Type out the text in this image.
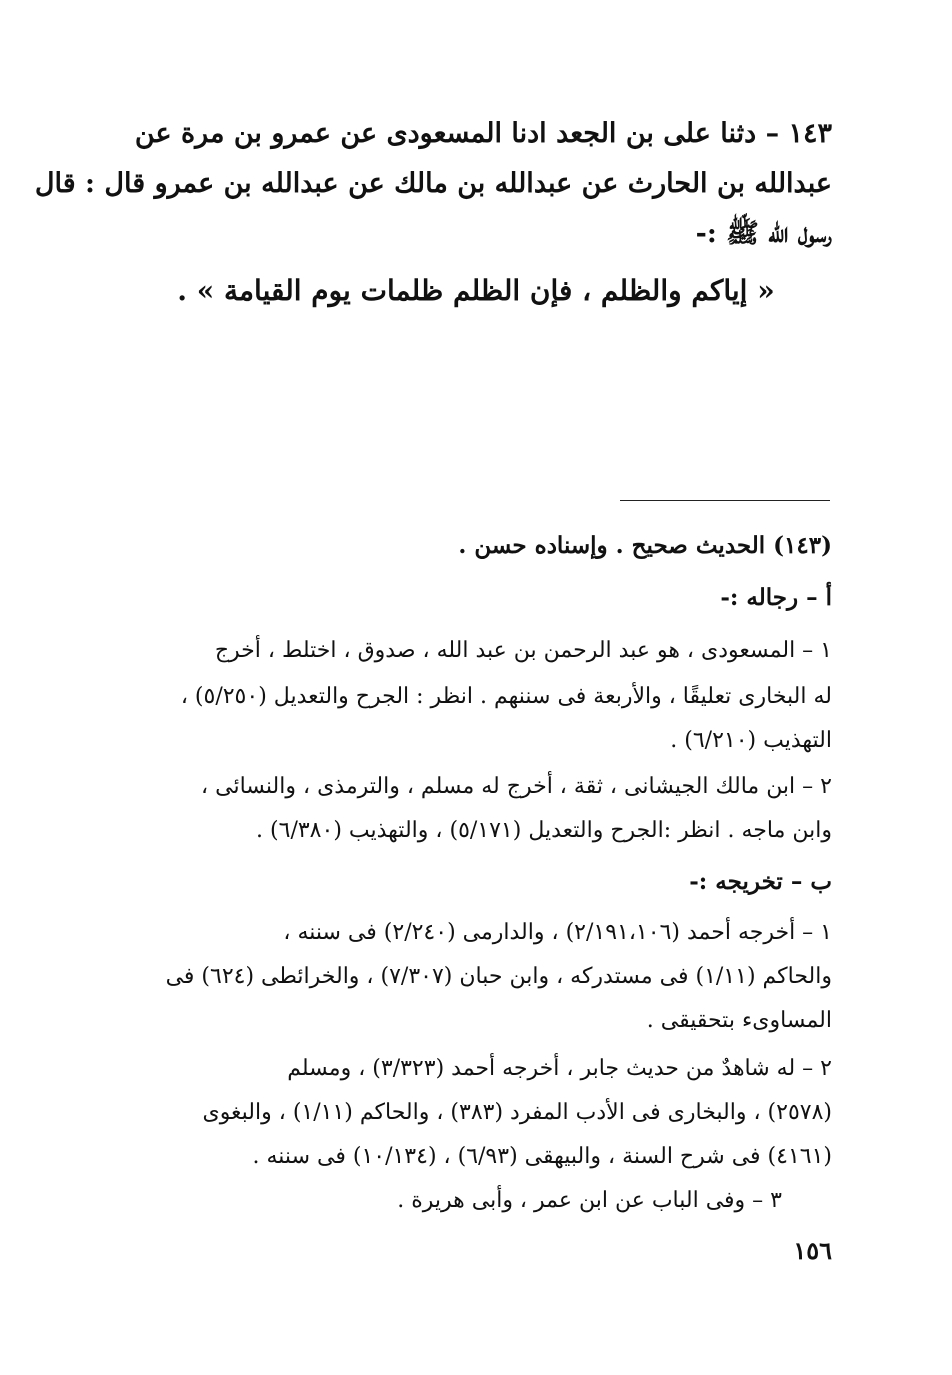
١٤٣ – دثنا على بن الجعد ادنا المسعودى عن عمرو بن مرة عن
عبدالله بن الحارث عن عبدالله بن مالك عن عبدالله بن عمرو قال : قال
رسول الله ﷺ :-
« إياكم والظلم ، فإن الظلم ظلمات يوم القيامة » .
(١٤٣) الحديث صحيح . وإسناده حسن .
أ – رجاله :-
١ – المسعودى ، هو عبد الرحمن بن عبد الله ، صدوق ، اختلط ، أخرج
له البخارى تعليقًا ، والأربعة فى سننهم . انظر : الجرح والتعديل (٥/٢٥٠) ،
التهذيب (٦/٢١٠) .
٢ – ابن مالك الجيشانى ، ثقة ، أخرج له مسلم ، والترمذى ، والنسائى ،
وابن ماجه . انظر :الجرح والتعديل (٥/١٧١) ، والتهذيب (٦/٣٨٠) .
ب – تخريجه :-
١ – أخرجه أحمد (٢/١٩١،١٠٦) ، والدارمى (٢/٢٤٠) فى سننه ،
والحاكم (١/١١) فى مستدركه ، وابن حبان (٧/٣٠٧) ، والخرائطى (٦٢٤) فى
المساوىء بتحقيقى .
٢ – له شاهدٌ من حديث جابر ، أخرجه أحمد (٣/٣٢٣) ، ومسلم
(٢٥٧٨) ، والبخارى فى الأدب المفرد (٣٨٣) ، والحاكم (١/١١) ، والبغوى
(٤١٦١) فى شرح السنة ، والبيهقى (٦/٩٣) ، (١٠/١٣٤) فى سننه .
٣ – وفى الباب عن ابن عمر ، وأبى هريرة .
١٥٦
